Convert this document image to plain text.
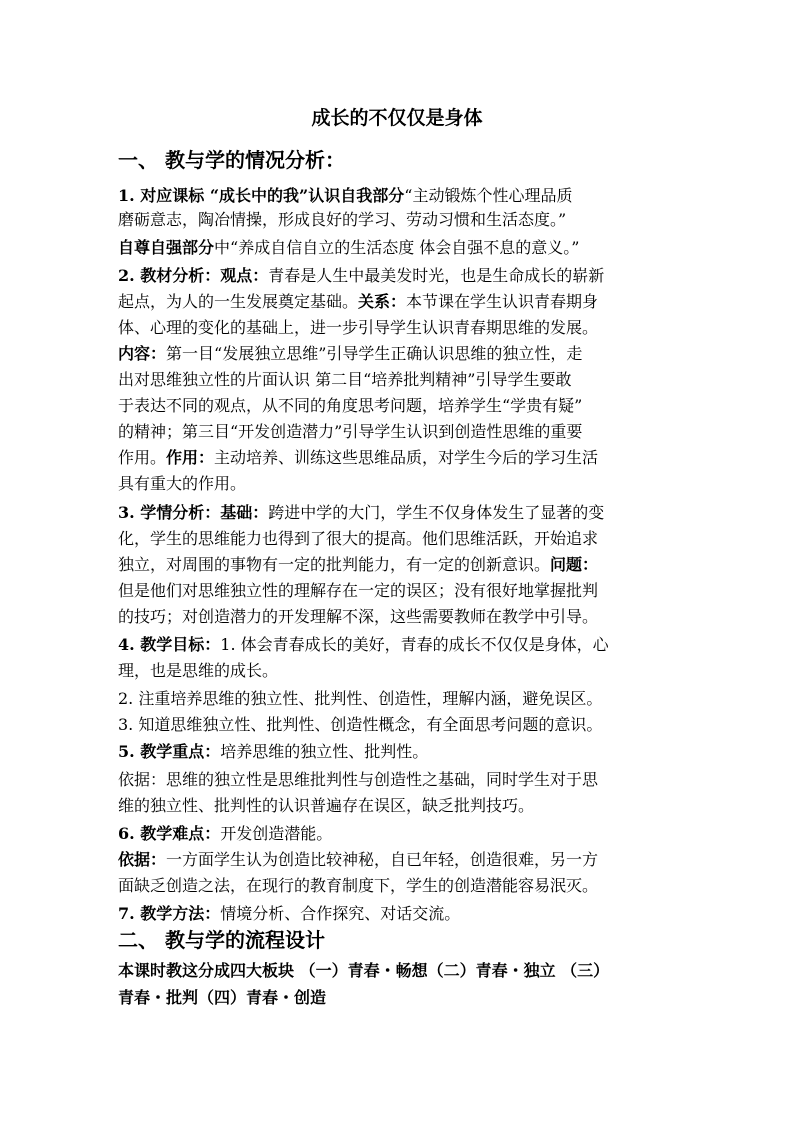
成长的不仅仅是身体
一、 教与学的情况分析：
1. 对应课标 “成长中的我”认识自我部分“主动锻炼个性心理品质
磨砺意志，陶冶情操，形成良好的学习、劳动习惯和生活态度。”
自尊自强部分中“养成自信自立的生活态度 体会自强不息的意义。”
2. 教材分析：观点：青春是人生中最美发时光，也是生命成长的崭新
起点，为人的一生发展奠定基础。关系：本节课在学生认识青春期身
体、心理的变化的基础上，进一步引导学生认识青春期思维的发展。
内容：第一目“发展独立思维”引导学生正确认识思维的独立性，走
出对思维独立性的片面认识 第二目“培养批判精神”引导学生要敢
于表达不同的观点，从不同的角度思考问题，培养学生“学贵有疑”
的精神；第三目“开发创造潜力”引导学生认识到创造性思维的重要
作用。作用：主动培养、训练这些思维品质，对学生今后的学习生活
具有重大的作用。
3. 学情分析：基础：跨进中学的大门，学生不仅身体发生了显著的变
化，学生的思维能力也得到了很大的提高。他们思维活跃，开始追求
独立，对周围的事物有一定的批判能力，有一定的创新意识。问题：
但是他们对思维独立性的理解存在一定的误区；没有很好地掌握批判
的技巧；对创造潜力的开发理解不深，这些需要教师在教学中引导。
4. 教学目标：1. 体会青春成长的美好，青春的成长不仅仅是身体，心
理，也是思维的成长。
2. 注重培养思维的独立性、批判性、创造性，理解内涵，避免误区。
3. 知道思维独立性、批判性、创造性概念，有全面思考问题的意识。
5. 教学重点：培养思维的独立性、批判性。
依据：思维的独立性是思维批判性与创造性之基础，同时学生对于思
维的独立性、批判性的认识普遍存在误区，缺乏批判技巧。
6. 教学难点：开发创造潜能。
依据：一方面学生认为创造比较神秘，自已年轻，创造很难，另一方
面缺乏创造之法，在现行的教育制度下，学生的创造潜能容易泯灭。
7. 教学方法：情境分析、合作探究、对话交流。
二、 教与学的流程设计
本课时教这分成四大板块 （一）青春・畅想（二）青春・独立 （三）
青春・批判（四）青春・创造
